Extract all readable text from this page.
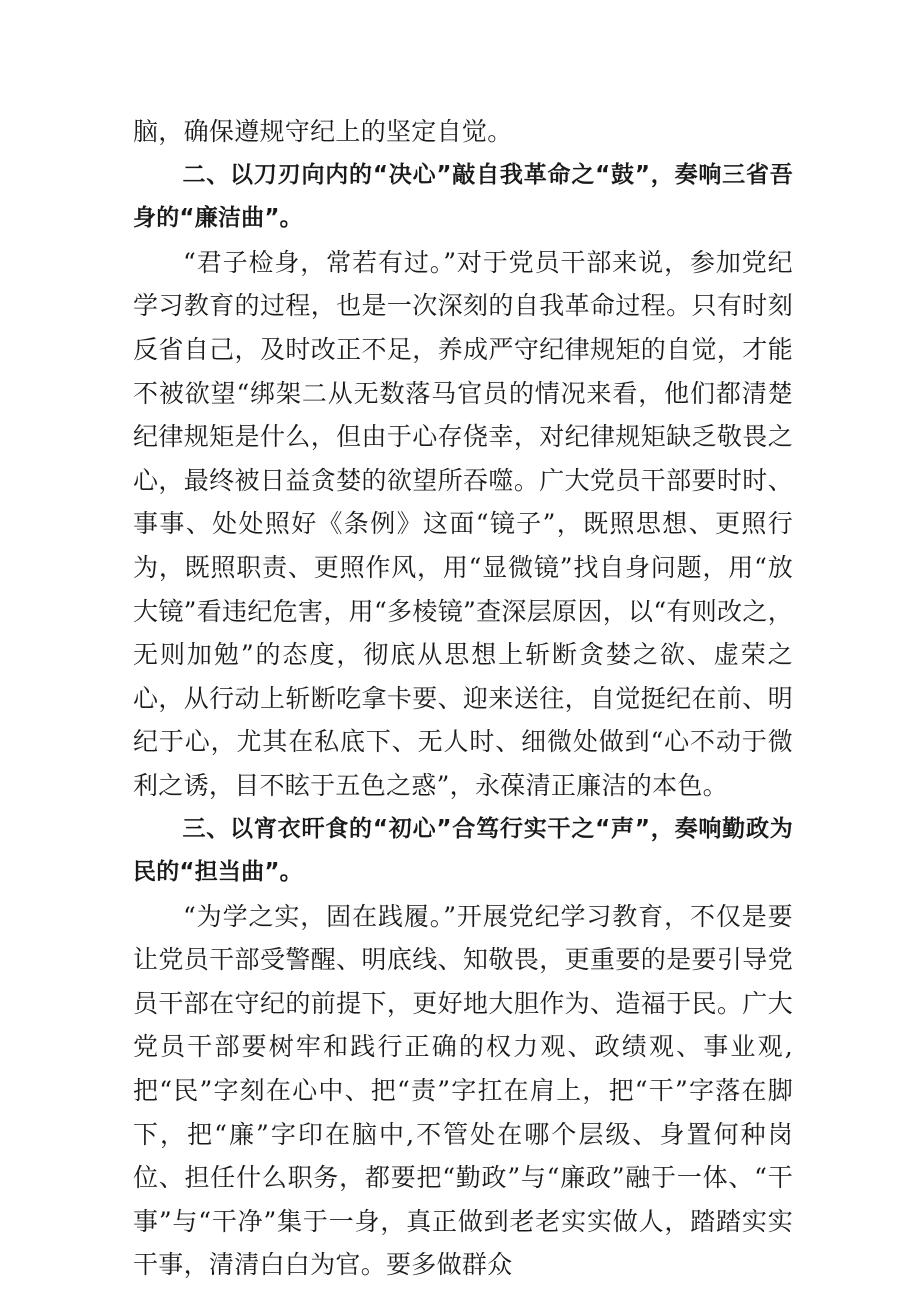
脑，确保遵规守纪上的坚定自觉。

二、以刀刃向内的“决心”敲自我革命之“鼓”，奏响三省吾身的“廉洁曲”。

“君子检身，常若有过。”对于党员干部来说，参加党纪学习教育的过程，也是一次深刻的自我革命过程。只有时刻反省自己，及时改正不足，养成严守纪律规矩的自觉，才能不被欲望“绑架二从无数落马官员的情况来看，他们都清楚纪律规矩是什么，但由于心存侥幸，对纪律规矩缺乏敬畏之心，最终被日益贪婪的欲望所吞噬。广大党员干部要时时、事事、处处照好《条例》这面“镜子”，既照思想、更照行为，既照职责、更照作风，用“显微镜”找自身问题，用“放大镜”看违纪危害，用“多棱镜”查深层原因，以“有则改之，无则加勉”的态度，彻底从思想上斩断贪婪之欲、虚荣之心，从行动上斩断吃拿卡要、迎来送往，自觉挺纪在前、明纪于心，尤其在私底下、无人时、细微处做到“心不动于微利之诱，目不眩于五色之惑”，永葆清正廉洁的本色。

三、以宵衣旰食的“初心”合笃行实干之“声”，奏响勤政为民的“担当曲”。

“为学之实，固在践履。”开展党纪学习教育，不仅是要让党员干部受警醒、明底线、知敬畏，更重要的是要引导党员干部在守纪的前提下，更好地大胆作为、造福于民。广大党员干部要树牢和践行正确的权力观、政绩观、事业观,把“民”字刻在心中、把“责”字扛在肩上，把“干”字落在脚下，把“廉”字印在脑中,不管处在哪个层级、身置何种岗位、担任什么职务，都要把“勤政”与“廉政”融于一体、“干事”与“干净”集于一身，真正做到老老实实做人，踏踏实实干事，清清白白为官。要多做群众
